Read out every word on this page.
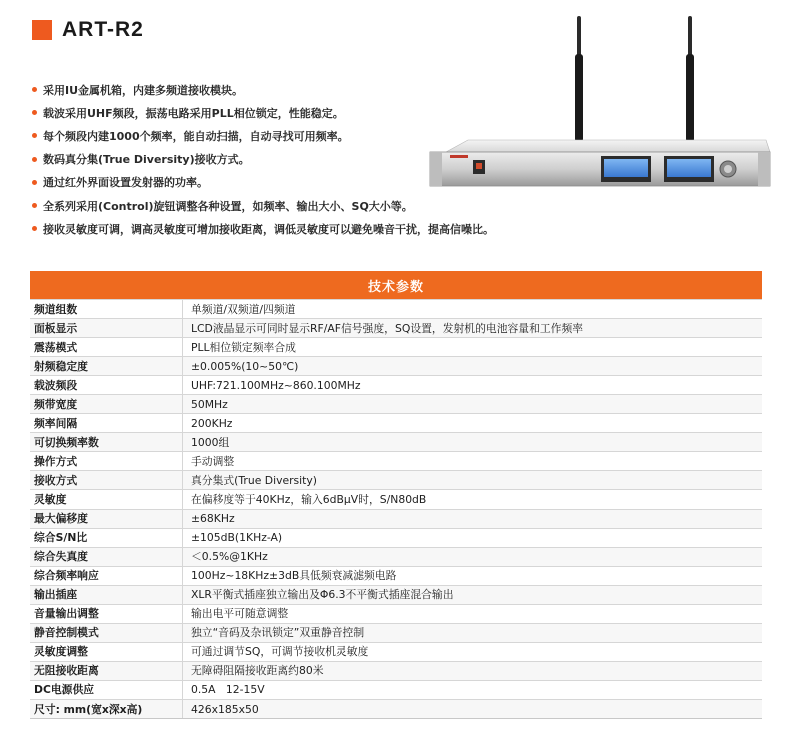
ART-R2
采用IU金属机箱，内建多频道接收模块。
载波采用UHF频段，振荡电路采用PLL相位锁定，性能稳定。
每个频段内建1000个频率，能自动扫描，自动寻找可用频率。
数码真分集(True Diversity)接收方式。
通过红外界面设置发射器的功率。
全系列采用(Control)旋钮调整各种设置，如频率、输出大小、SQ大小等。
接收灵敏度可调，调高灵敏度可增加接收距离，调低灵敏度可以避免噪音干扰，提高信噪比。
技术参数
频道组数	单频道/双频道/四频道
面板显示	LCD液晶显示可同时显示RF/AF信号强度，SQ设置，发射机的电池容量和工作频率
震荡模式	PLL相位锁定频率合成
射频稳定度	±0.005%(10~50℃)
载波频段	UHF:721.100MHz~860.100MHz
频带宽度	50MHz
频率间隔	200KHz
可切换频率数	1000组
操作方式	手动调整
接收方式	真分集式(True Diversity)
灵敏度	在偏移度等于40KHz，输入6dBμV时，S/N80dB
最大偏移度	±68KHz
综合S/N比	±105dB(1KHz-A)
综合失真度	＜0.5%@1KHz
综合频率响应	100Hz~18KHz±3dB具低频衰减滤频电路
输出插座	XLR平衡式插座独立输出及Φ6.3不平衡式插座混合输出
音量输出调整	输出电平可随意调整
静音控制模式	独立“音码及杂讯锁定”双重静音控制
灵敏度调整	可通过调节SQ，可调节接收机灵敏度
无阻接收距离	无障碍阻隔接收距离约80米
DC电源供应	0.5A   12-15V
尺寸: mm(宽x深x高)	426x185x50
